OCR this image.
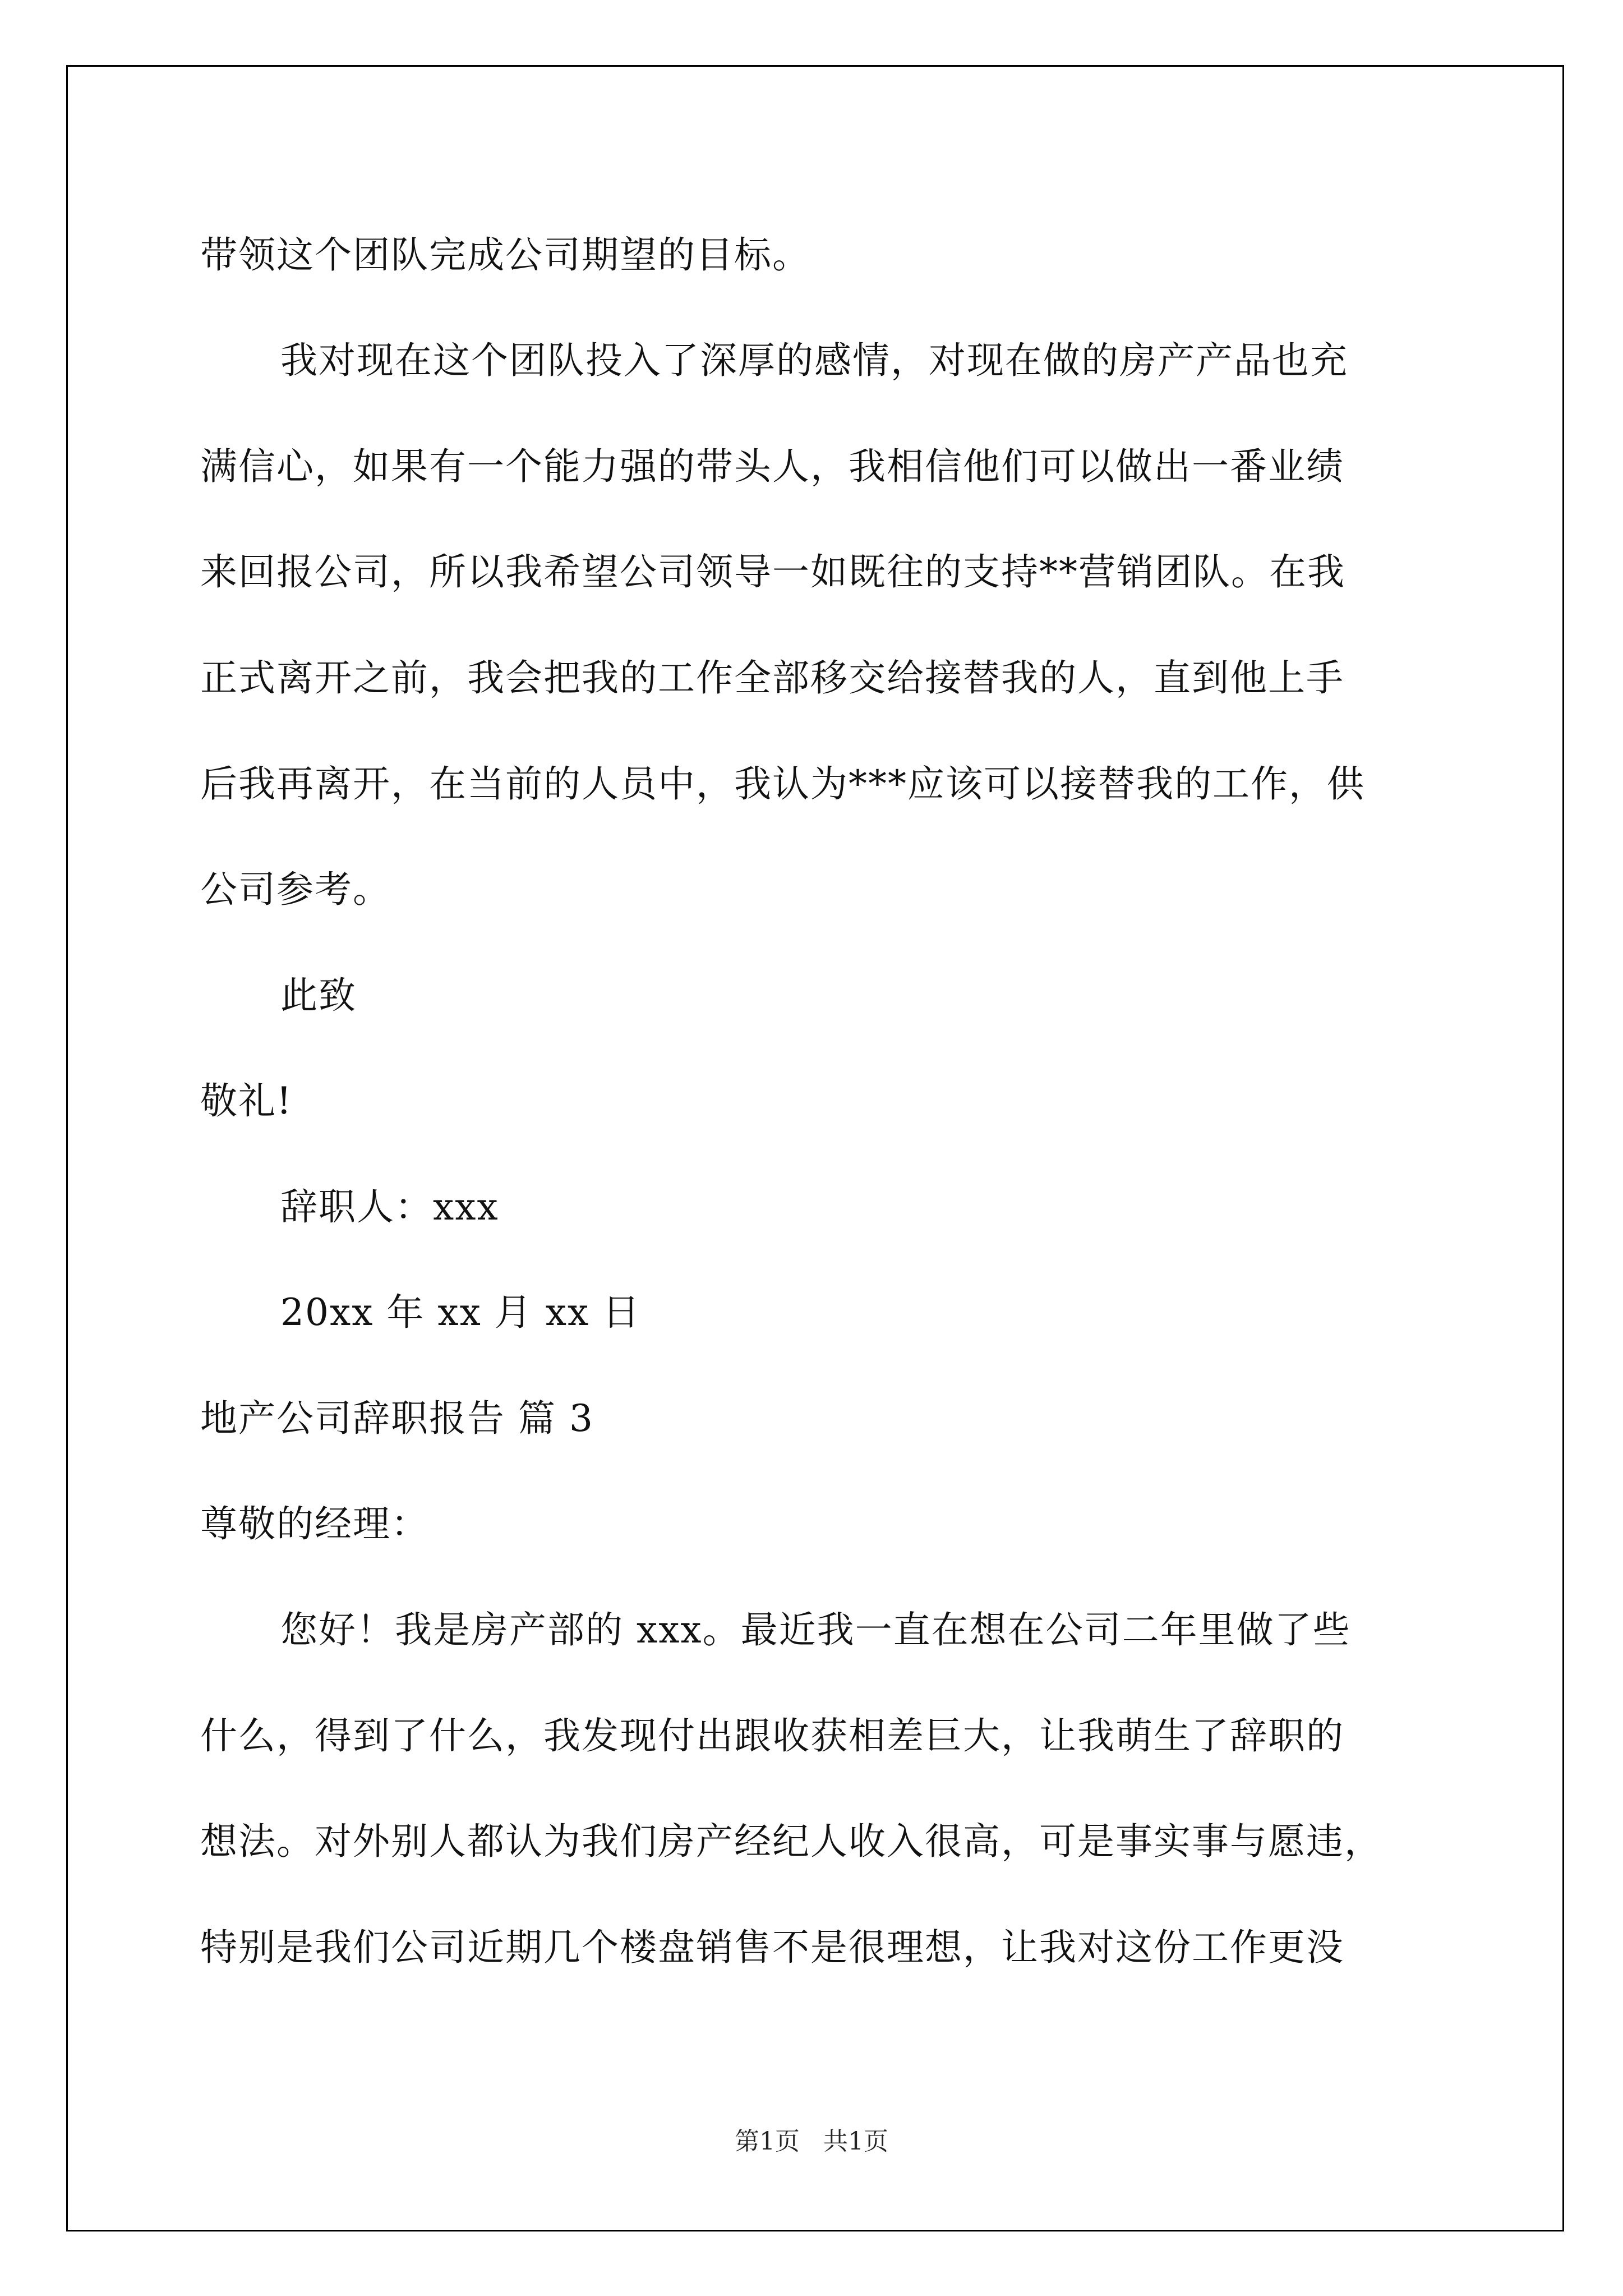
带领这个团队完成公司期望的目标。
我对现在这个团队投入了深厚的感情，对现在做的房产产品也充
满信心，如果有一个能力强的带头人，我相信他们可以做出一番业绩
来回报公司，所以我希望公司领导一如既往的支持**营销团队。在我
正式离开之前，我会把我的工作全部移交给接替我的人，直到他上手
后我再离开，在当前的人员中，我认为***应该可以接替我的工作，供
公司参考。
此致
敬礼!
辞职人：xxx
20xx 年 xx 月 xx 日
地产公司辞职报告 篇 3
尊敬的经理：
您好！我是房产部的 xxx。最近我一直在想在公司二年里做了些
什么，得到了什么，我发现付出跟收获相差巨大，让我萌生了辞职的
想法。对外别人都认为我们房产经纪人收入很高，可是事实事与愿违，
特别是我们公司近期几个楼盘销售不是很理想，让我对这份工作更没
第1页   共1页
